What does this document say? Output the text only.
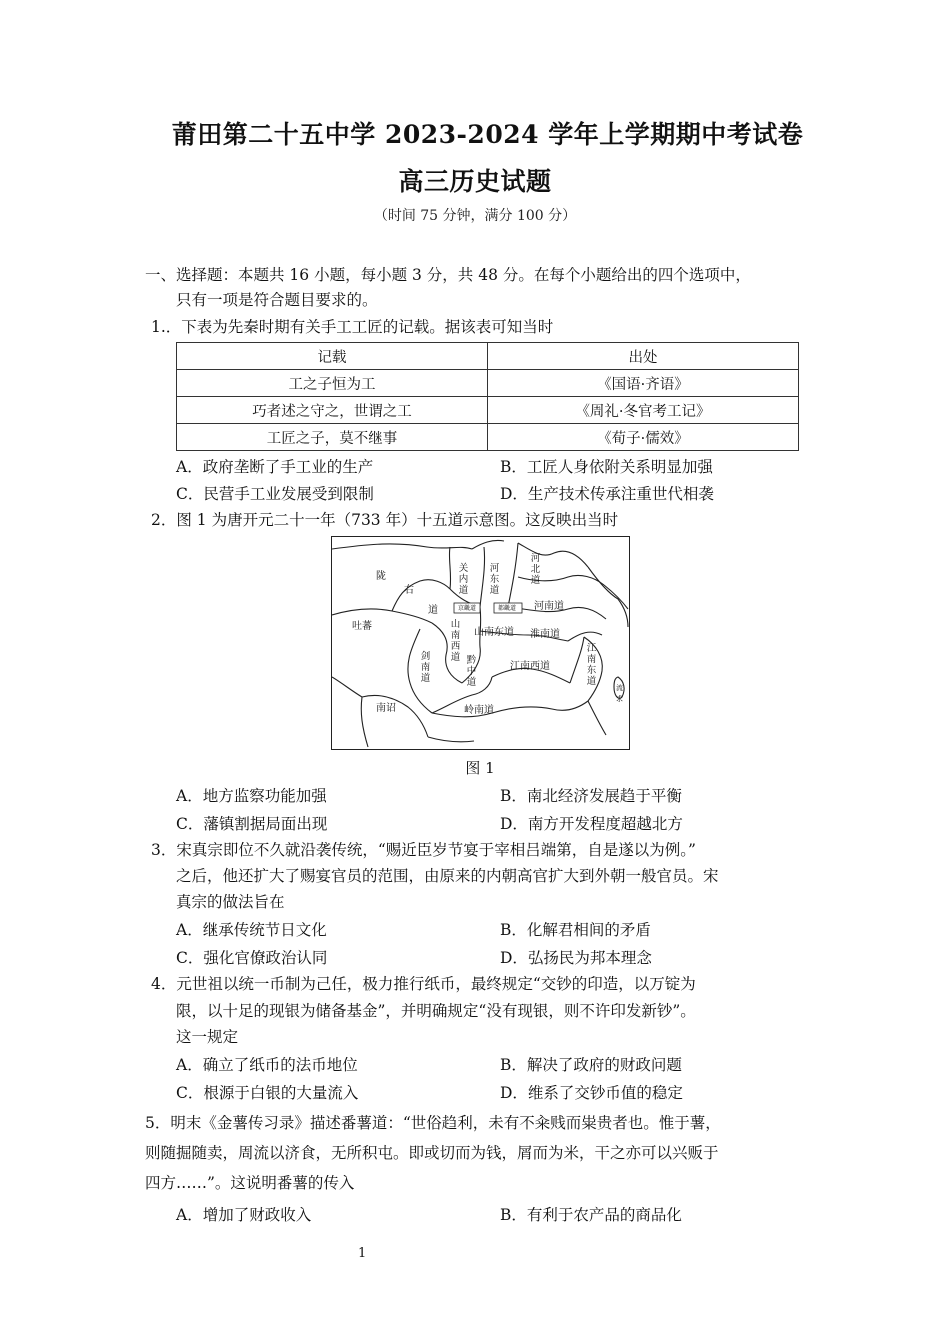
莆田第二十五中学 2023-2024 学年上学期期中考试卷
高三历史试题
（时间 75 分钟，满分 100 分）
一、选择题：本题共 16 小题，每小题 3 分，共 48 分。在每个小题给出的四个选项中，
只有一项是符合题目要求的。
1.．下表为先秦时期有关手工工匠的记载。据该表可知当时
记载	出处
工之子恒为工	《国语·齐语》
巧者述之守之，世谓之工	《周礼·冬官考工记》
工匠之子，莫不继事	《荀子·儒效》
A．政府垄断了手工业的生产	B．工匠人身依附关系明显加强
C．民营手工业发展受到限制	D．生产技术传承注重世代相袭
2．图 1 为唐开元二十一年（733 年）十五道示意图。这反映出当时
陇
右
道
吐蕃
关内道
河东道
河北道
河南道
京畿道	都畿道
山南东道
山南西道
淮南道
剑南道
黔中道
江南西道
江南东道
南诏	岭南道
流求
图 1
A．地方监察功能加强	B．南北经济发展趋于平衡
C．藩镇割据局面出现	D．南方开发程度超越北方
3．宋真宗即位不久就沿袭传统，“赐近臣岁节宴于宰相吕端第，自是遂以为例。”
之后，他还扩大了赐宴官员的范围，由原来的内朝高官扩大到外朝一般官员。宋
真宗的做法旨在
A．继承传统节日文化	B．化解君相间的矛盾
C．强化官僚政治认同	D．弘扬民为邦本理念
4．元世祖以统一币制为己任，极力推行纸币，最终规定“交钞的印造，以万锭为
限，以十足的现银为储备基金”，并明确规定“没有现银，则不许印发新钞”。
这一规定
A．确立了纸币的法币地位	B．解决了政府的财政问题
C．根源于白银的大量流入	D．维系了交钞币值的稳定
5．明末《金薯传习录》描述番薯道：“世俗趋利，未有不籴贱而粜贵者也。惟于薯，
则随掘随卖，周流以济食，无所积屯。即或切而为钱，屑而为米，干之亦可以兴贩于
四方……”。这说明番薯的传入
A．增加了财政收入	B．有利于农产品的商品化
1
